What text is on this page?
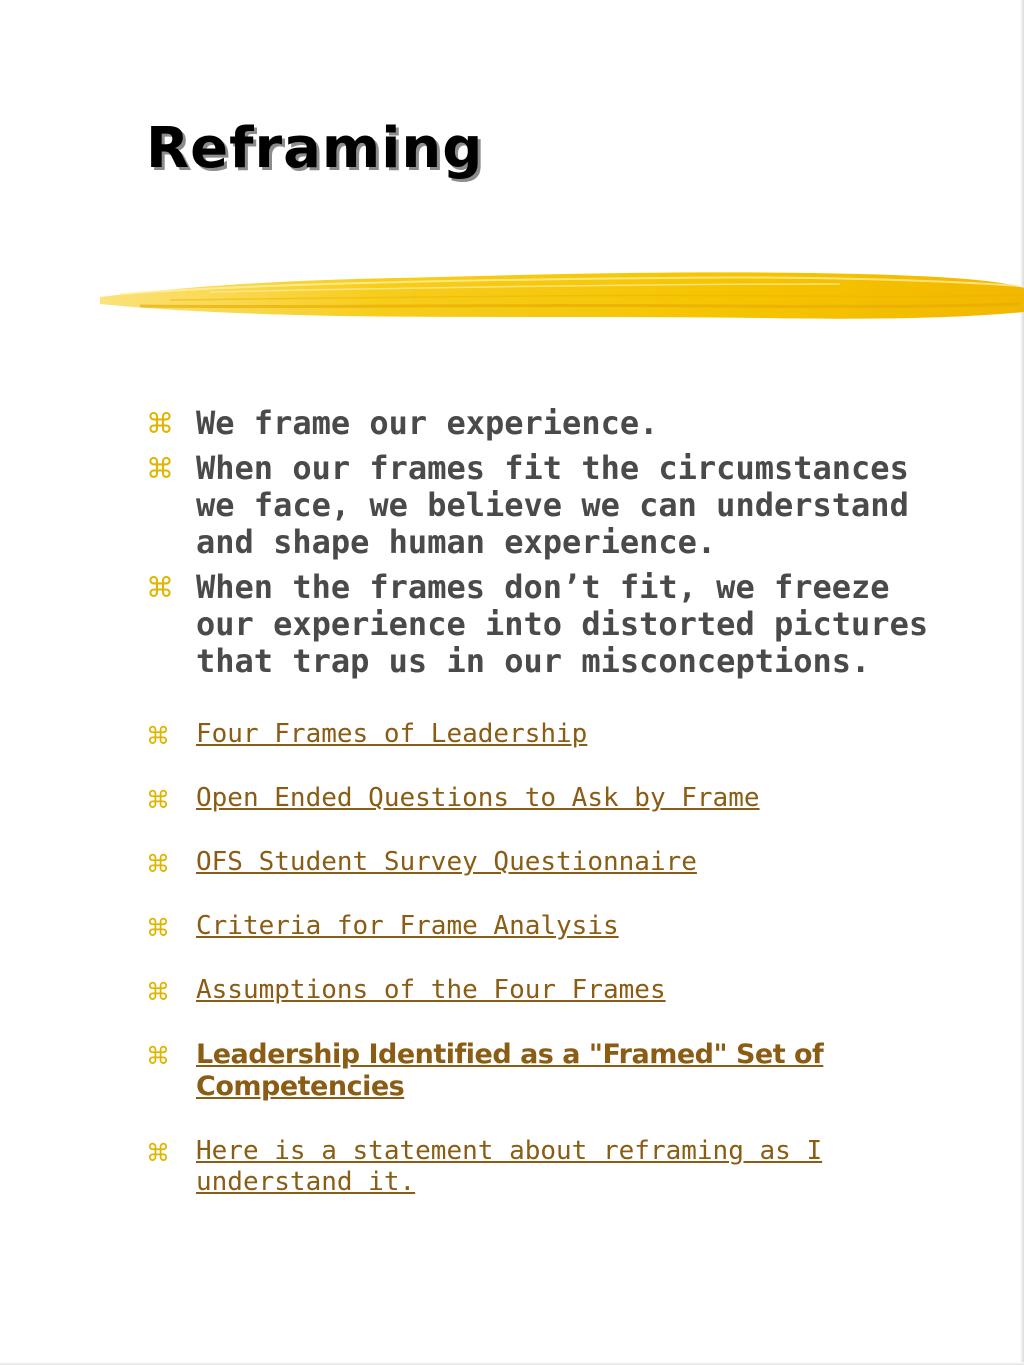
Reframing
⌘ We frame our experience.
⌘ When our frames fit the circumstances we face, we believe we can understand and shape human experience.
⌘ When the frames don’t fit, we freeze our experience into distorted pictures that trap us in our misconceptions.
⌘ Four Frames of Leadership
⌘ Open Ended Questions to Ask by Frame
⌘ OFS Student Survey Questionnaire
⌘ Criteria for Frame Analysis
⌘ Assumptions of the Four Frames
⌘ Leadership Identified as a "Framed" Set of Competencies
⌘ Here is a statement about reframing as I understand it.
